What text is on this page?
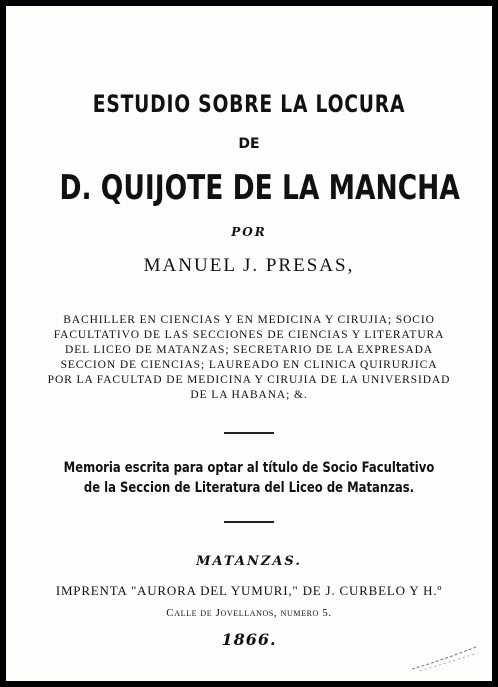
ESTUDIO SOBRE LA LOCURA
DE
D. QUIJOTE DE LA MANCHA
POR
MANUEL J. PRESAS,
BACHILLER EN CIENCIAS Y EN MEDICINA Y CIRUJIA; SOCIO
FACULTATIVO DE LAS SECCIONES DE CIENCIAS Y LITERATURA
DEL LICEO DE MATANZAS; SECRETARIO DE LA EXPRESADA
SECCION DE CIENCIAS; LAUREADO EN CLINICA QUIRURJICA
POR LA FACULTAD DE MEDICINA Y CIRUJIA DE LA UNIVERSIDAD
DE LA HABANA; &.
Memoria escrita para optar al título de Socio Facultativo
de la Seccion de Literatura del Liceo de Matanzas.
MATANZAS.
IMPRENTA "AURORA DEL YUMURI," DE J. CURBELO Y H.º
Calle de Jovellanos, numero 5.
1866.
